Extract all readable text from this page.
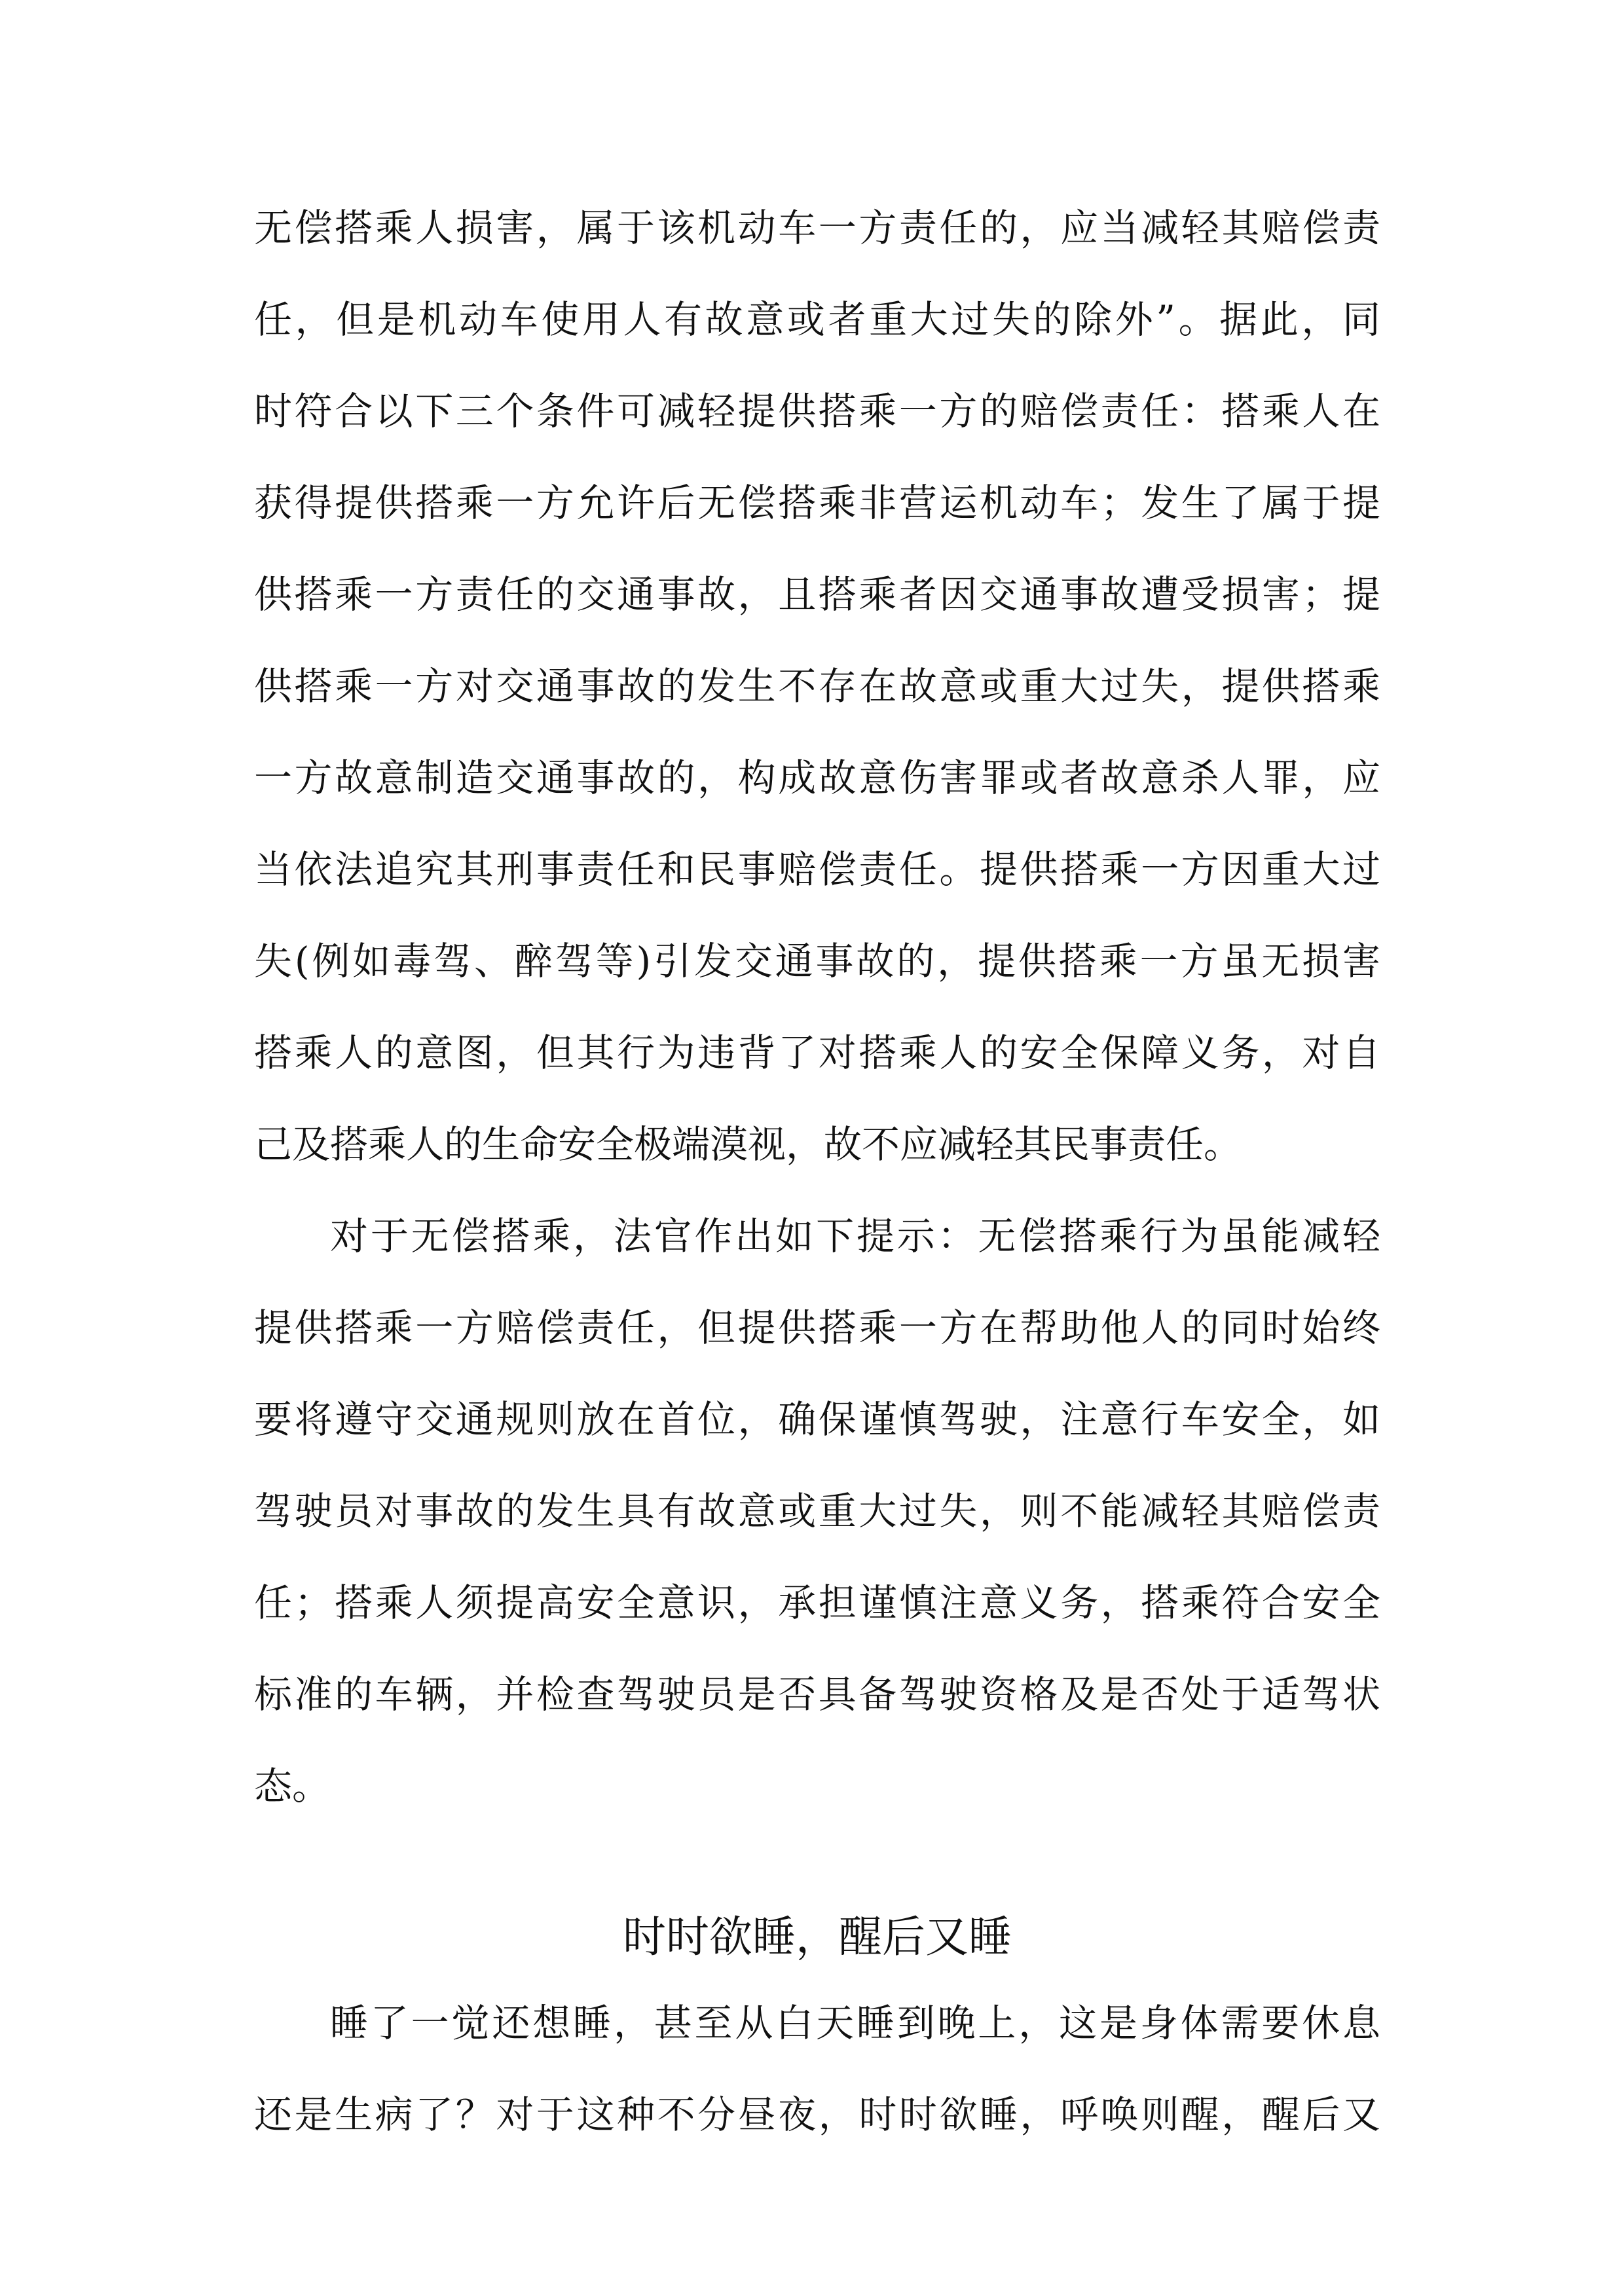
无偿搭乘人损害，属于该机动车一方责任的，应当减轻其赔偿责
任，但是机动车使用人有故意或者重大过失的除外”。据此，同
时符合以下三个条件可减轻提供搭乘一方的赔偿责任：搭乘人在
获得提供搭乘一方允许后无偿搭乘非营运机动车；发生了属于提
供搭乘一方责任的交通事故，且搭乘者因交通事故遭受损害；提
供搭乘一方对交通事故的发生不存在故意或重大过失，提供搭乘
一方故意制造交通事故的，构成故意伤害罪或者故意杀人罪，应
当依法追究其刑事责任和民事赔偿责任。提供搭乘一方因重大过
失(例如毒驾、醉驾等)引发交通事故的，提供搭乘一方虽无损害
搭乘人的意图，但其行为违背了对搭乘人的安全保障义务，对自
己及搭乘人的生命安全极端漠视，故不应减轻其民事责任。
对于无偿搭乘，法官作出如下提示：无偿搭乘行为虽能减轻
提供搭乘一方赔偿责任，但提供搭乘一方在帮助他人的同时始终
要将遵守交通规则放在首位，确保谨慎驾驶，注意行车安全，如
驾驶员对事故的发生具有故意或重大过失，则不能减轻其赔偿责
任；搭乘人须提高安全意识，承担谨慎注意义务，搭乘符合安全
标准的车辆，并检查驾驶员是否具备驾驶资格及是否处于适驾状
态。
时时欲睡，醒后又睡
睡了一觉还想睡，甚至从白天睡到晚上，这是身体需要休息
还是生病了？对于这种不分昼夜，时时欲睡，呼唤则醒，醒后又
